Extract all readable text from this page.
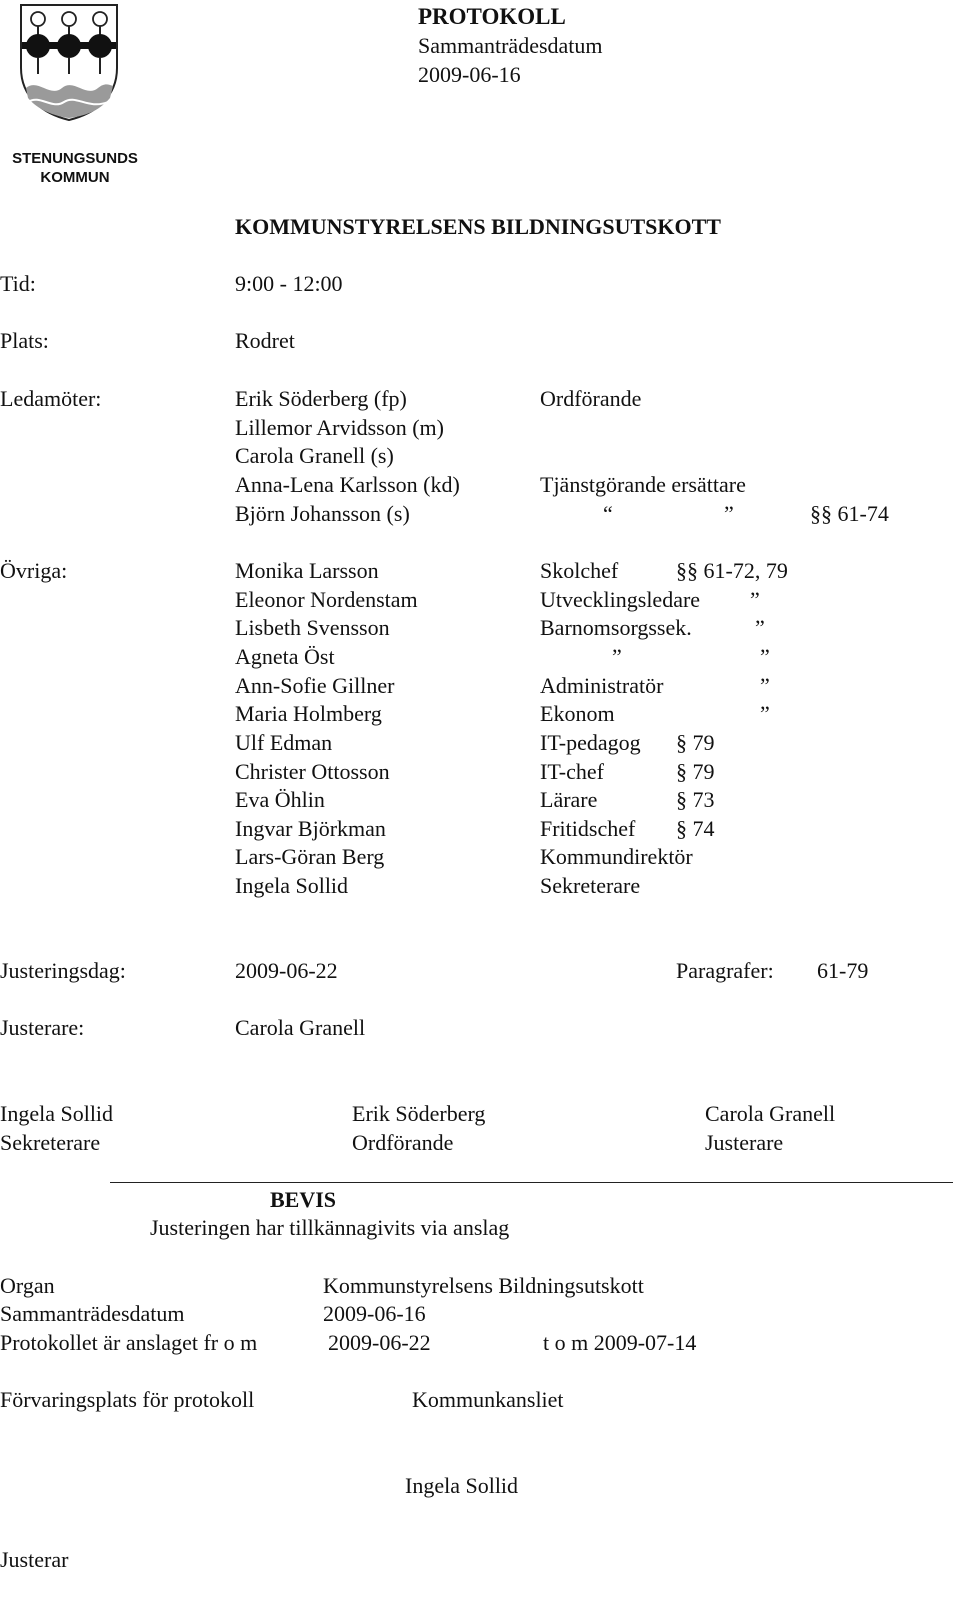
STENUNGSUNDS
KOMMUN
PROTOKOLL
Sammanträdesdatum
2009-06-16
KOMMUNSTYRELSENS BILDNINGSUTSKOTT
Tid:	9:00 - 12:00
Plats:	Rodret
Ledamöter:	Erik Söderberg (fp)	Ordförande
Lillemor Arvidsson (m)
Carola Granell (s)
Anna-Lena Karlsson (kd)	Tjänstgörande ersättare
Björn Johansson (s)	“	”	§§ 61-74
Övriga:	Monika Larsson	Skolchef	§§ 61-72, 79
Eleonor Nordenstam	Utvecklingsledare ”
Lisbeth Svensson	Barnomsorgssek.	”
Agneta Öst	”	”
Ann-Sofie Gillner	Administratör	”
Maria Holmberg	Ekonom	”
Ulf Edman	IT-pedagog § 79
Christer Ottosson	IT-chef	§ 79
Eva Öhlin	Lärare	§ 73
Ingvar Björkman	Fritidschef § 74
Lars-Göran Berg	Kommundirektör
Ingela Sollid	Sekreterare
Justeringsdag:	2009-06-22	Paragrafer: 61-79
Justerare:	Carola Granell
Ingela Sollid	Erik Söderberg	Carola Granell
Sekreterare	Ordförande	Justerare
BEVIS
Justeringen har tillkännagivits via anslag
Organ	Kommunstyrelsens Bildningsutskott
Sammanträdesdatum	2009-06-16
Protokollet är anslaget fr o m	2009-06-22	t o m 2009-07-14
Förvaringsplats för protokoll	Kommunkansliet
Ingela Sollid
Justerar
